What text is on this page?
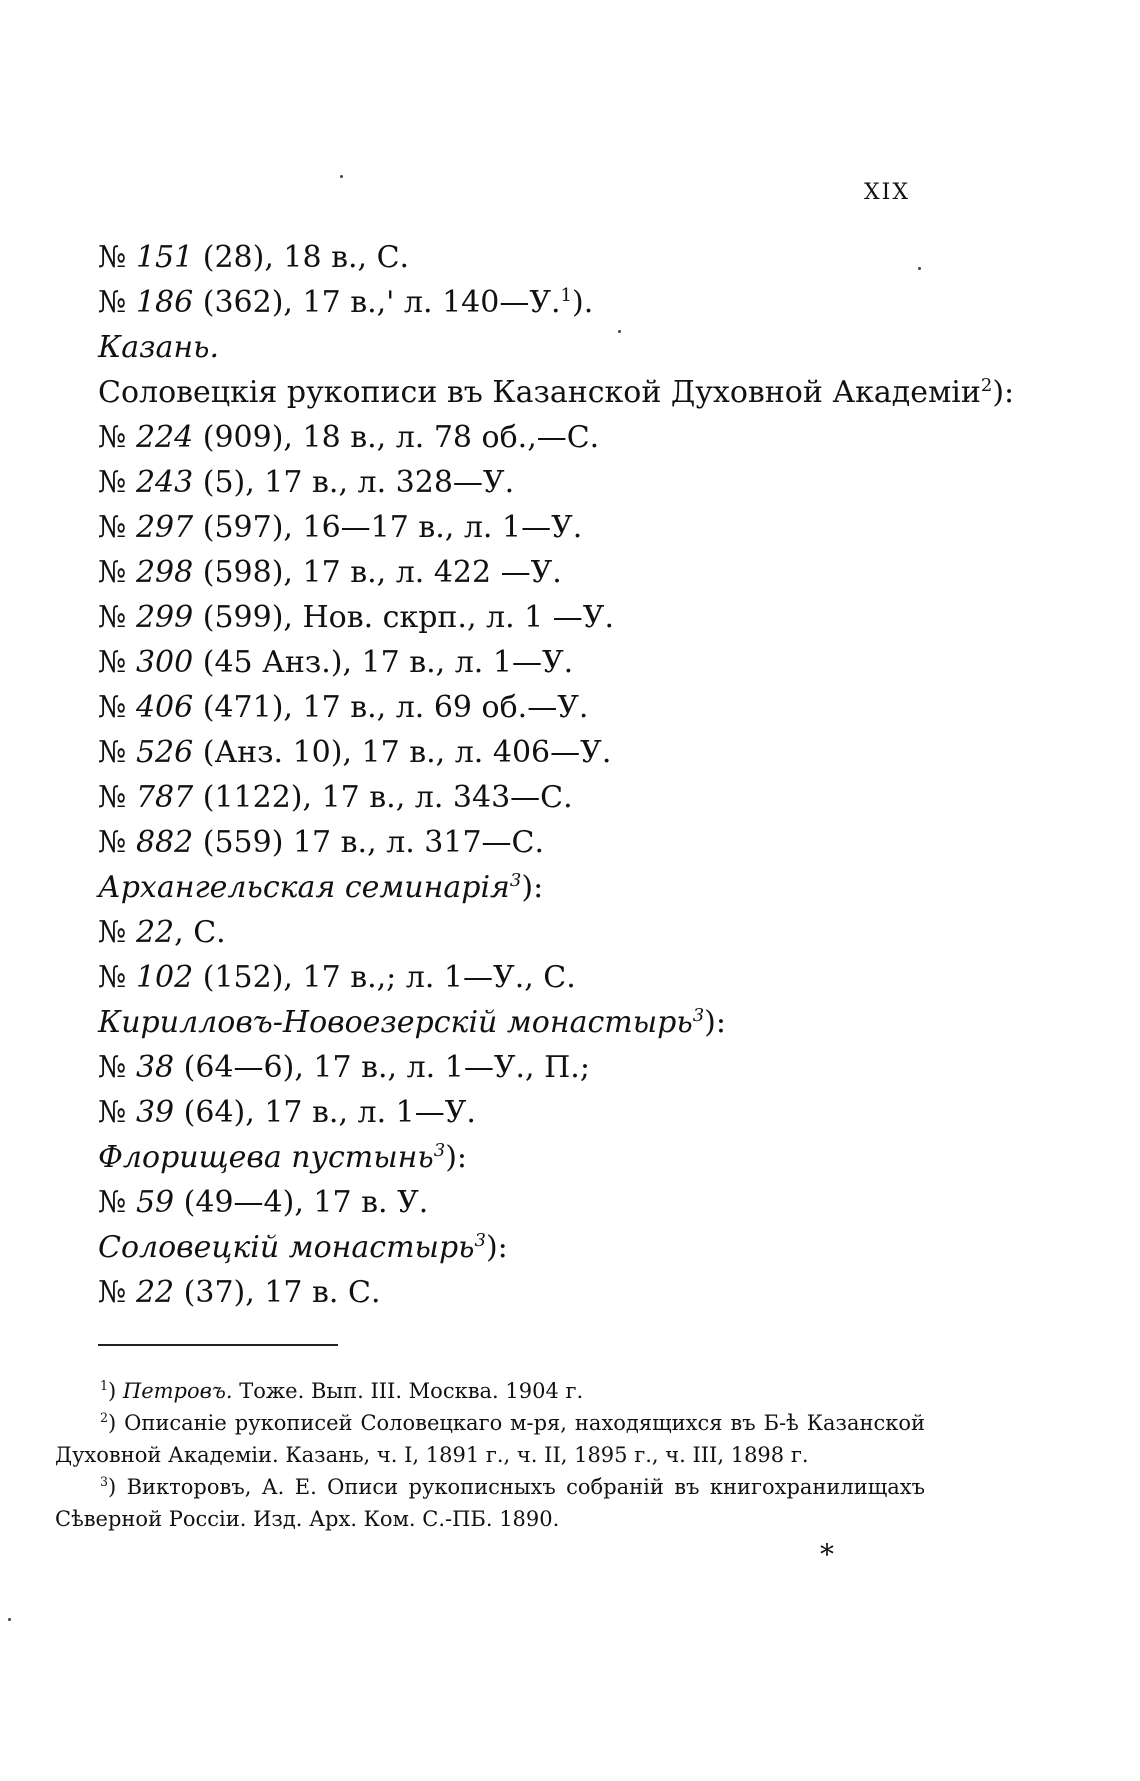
XIX
№ 151 (28), 18 в., С.
№ 186 (362), 17 в.,' л. 140—У.$^1$).
Казань.
Соловецкія рукописи въ Казанской Духовной Академіи$^2$):
№ 224 (909), 18 в., л. 78 об.,—С.
№ 243 (5), 17 в., л. 328—У.
№ 297 (597), 16—17 в., л. 1—У.
№ 298 (598), 17 в., л. 422 —У.
№ 299 (599), Нов. скрп., л. 1 —У.
№ 300 (45 Анз.), 17 в., л. 1—У.
№ 406 (471), 17 в., л. 69 об.—У.
№ 526 (Анз. 10), 17 в., л. 406—У.
№ 787 (1122), 17 в., л. 343—С.
№ 882 (559) 17 в., л. 317—С.
Архангельская семинарія$^3$):
№ 22, С.
№ 102 (152), 17 в.,; л. 1—У., С.
Кирилловъ-Новоезерскій монастырь$^3$):
№ 38 (64—6), 17 в., л. 1—У., П.;
№ 39 (64), 17 в., л. 1—У.
Флорищева пустынь$^3$):
№ 59 (49—4), 17 в. У.
Соловецкій монастырь$^3$):
№ 22 (37), 17 в. С.
$^1$) Петровъ. Тоже. Вып. III. Москва. 1904 г.
$^2$) Описаніе рукописей Соловецкаго м-ря, находящихся въ Б-ѣ Казанской Духовной Академіи. Казань, ч. I, 1891 г., ч. II, 1895 г., ч. III, 1898 г.
$^3$) Викторовъ, А. Е. Описи рукописныхъ собраній въ книгохранилищахъ Сѣверной Россіи. Изд. Арх. Ком. С.-ПБ. 1890.
*
